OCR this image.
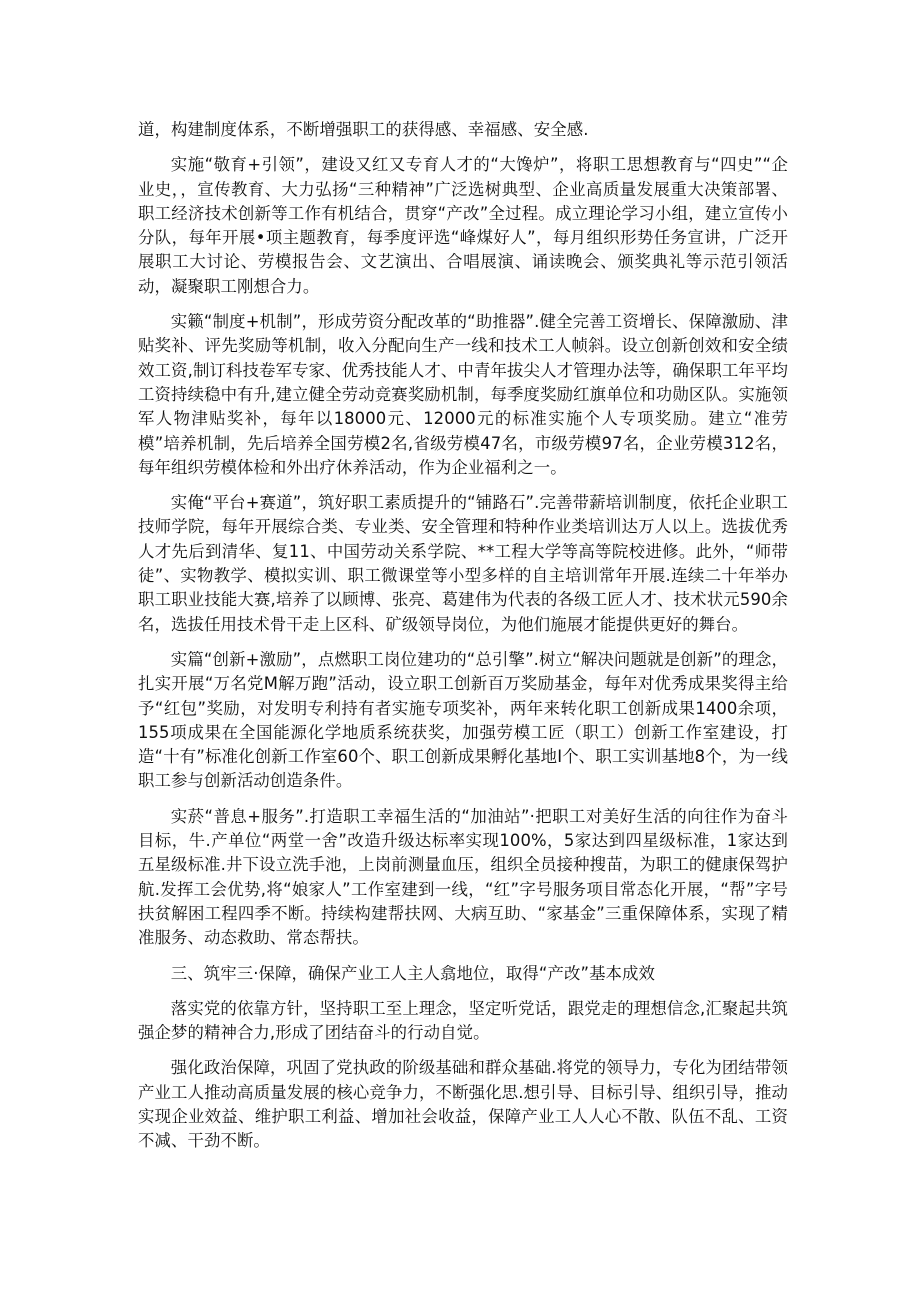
道，构建制度体系，不断增强职工的获得感、幸福感、安全感.

实施“敬育+引领”，建设又红又专育人才的“大馋炉”，将职工思想教育与“四史”“企业史，，宣传教育、大力弘扬“三种精神”广泛选树典型、企业高质量发展重大决策部署、职工经济技术创新等工作有机结合，贯穿“产改”全过程。成立理论学习小组，建立宣传小分队，每年开展•项主题教育，每季度评选“峰煤好人”，每月组织形势任务宣讲，广泛开展职工大讨论、劳模报告会、文艺演出、合唱展演、诵读晚会、颁奖典礼等示范引领活动，凝聚职工刚想合力。

实籁“制度+机制”，形成劳资分配改革的“助推器”.健全完善工资增长、保障激励、津贴奖补、评先奖励等机制，收入分配向生产一线和技术工人帧斜。设立创新创效和安全绩效工资,制订科技卷军专家、优秀技能人才、中青年拔尖人才管理办法等，确保职工年平均工资持续稳中有升,建立健全劳动竞赛奖励机制，每季度奖励红旗单位和功勋区队。实施领军人物津贴奖补，每年以18000元、12000元的标准实施个人专项奖励。建立“准劳模”培养机制，先后培养全国劳模2名,省级劳模47名，市级劳模97名，企业劳模312名，每年组织劳模体检和外出疗休养活动，作为企业福利之一。

实俺“平台+赛道”，筑好职工素质提升的“铺路石”.完善带薪培训制度，依托企业职工技师学院，每年开展综合类、专业类、安全管理和特种作业类培训达万人以上。选拔优秀人才先后到清华、复11、中国劳动关系学院、**工程大学等高等院校进修。此外，“师带徒”、实物教学、模拟实训、职工微课堂等小型多样的自主培训常年开展.连续二十年举办职工职业技能大赛,培养了以顾博、张亮、葛建伟为代表的各级工匠人才、技术状元590余名，选拔任用技术骨干走上区科、矿级领导岗位，为他们施展才能提供更好的舞台。

实篇“创新+激励”，点燃职工岗位建功的“总引擎”.树立“解决问题就是创新”的理念，扎实开展“万名党M解万跑”活动，设立职工创新百万奖励基金，每年对优秀成果奖得主给予“红包”奖励，对发明专利持有者实施专项奖补，两年来转化职工创新成果1400余项，155项成果在全国能源化学地质系统获奖，加强劳模工匠（职工）创新工作室建设，打造“十有”标准化创新工作室60个、职工创新成果孵化基地I个、职工实训基地8个，为一线职工参与创新活动创造条件。

实菸“普息+服务”.打造职工幸福生活的“加油站”·把职工对美好生活的向往作为奋斗目标，牛.产单位“两堂一舍”改造升级达标率实现100%，5家达到四星级标准，1家达到五星级标准.井下设立洗手池，上岗前测量血压，组织全员接种搜苗，为职工的健康保驾护航.发挥工会优势,将“娘家人”工作室建到一线，“红”字号服务项目常态化开展，“帮”字号扶贫解困工程四季不断。持续构建帮扶网、大病互助、“家基金”三重保障体系，实现了精准服务、动态救助、常态帮扶。

三、筑牢三·保障，确保产业工人主人翕地位，取得“产改”基本成效

落实党的依靠方针，坚持职工至上理念，坚定听党话，跟党走的理想信念,汇聚起共筑强企梦的精神合力,形成了团结奋斗的行动自觉。

强化政治保障，巩固了党执政的阶级基础和群众基础.将党的领导力，专化为团结带领产业工人推动高质量发展的核心竞争力，不断强化思.想引导、目标引导、组织引导，推动实现企业效益、维护职工利益、增加社会收益，保障产业工人人心不散、队伍不乱、工资不减、干劲不断。
